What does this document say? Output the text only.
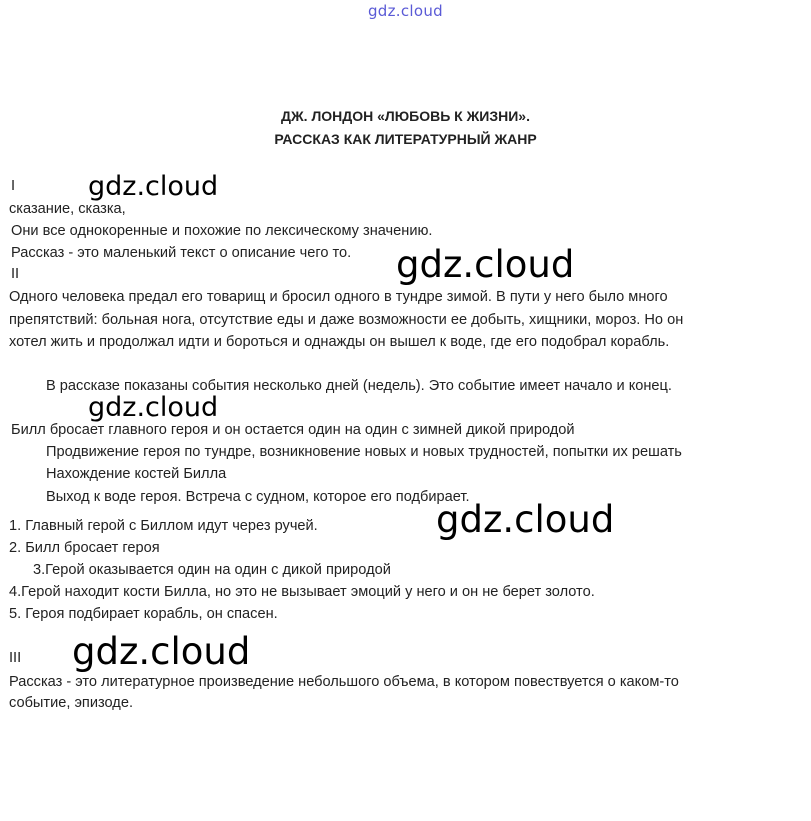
gdz.cloud
ДЖ. ЛОНДОН «ЛЮБОВЬ К ЖИЗНИ».
РАССКАЗ КАК ЛИТЕРАТУРНЫЙ ЖАНР
I
сказание, сказка,
Они все однокоренные и похожие по лексическому значению.
Рассказ - это маленький текст о описание чего то.
II
Одного человека предал его товарищ и бросил одного в тундре зимой. В пути у него было много
препятствий: больная нога, отсутствие еды и даже возможности ее добыть, хищники, мороз. Но он
хотел жить и продолжал идти и бороться и однажды он вышел к воде, где его подобрал корабль.
В рассказе показаны события несколько дней (недель). Это событие имеет начало и конец.
Билл бросает главного героя и он остается один на один с зимней дикой природой
Продвижение героя по тундре, возникновение новых и новых трудностей, попытки их решать
Нахождение костей Билла
Выход к воде героя. Встреча с судном, которое его подбирает.
1. Главный герой с Биллом идут через ручей.
2. Билл бросает героя
3.Герой оказывается один на один с дикой природой
4.Герой находит кости Билла, но это не вызывает эмоций у него и он не берет золото.
5. Героя подбирает корабль, он спасен.
III
Рассказ - это литературное произведение небольшого объема, в котором повествуется о каком-то
событие, эпизоде.
gdz.cloud
gdz.cloud
gdz.cloud
gdz.cloud
gdz.cloud
